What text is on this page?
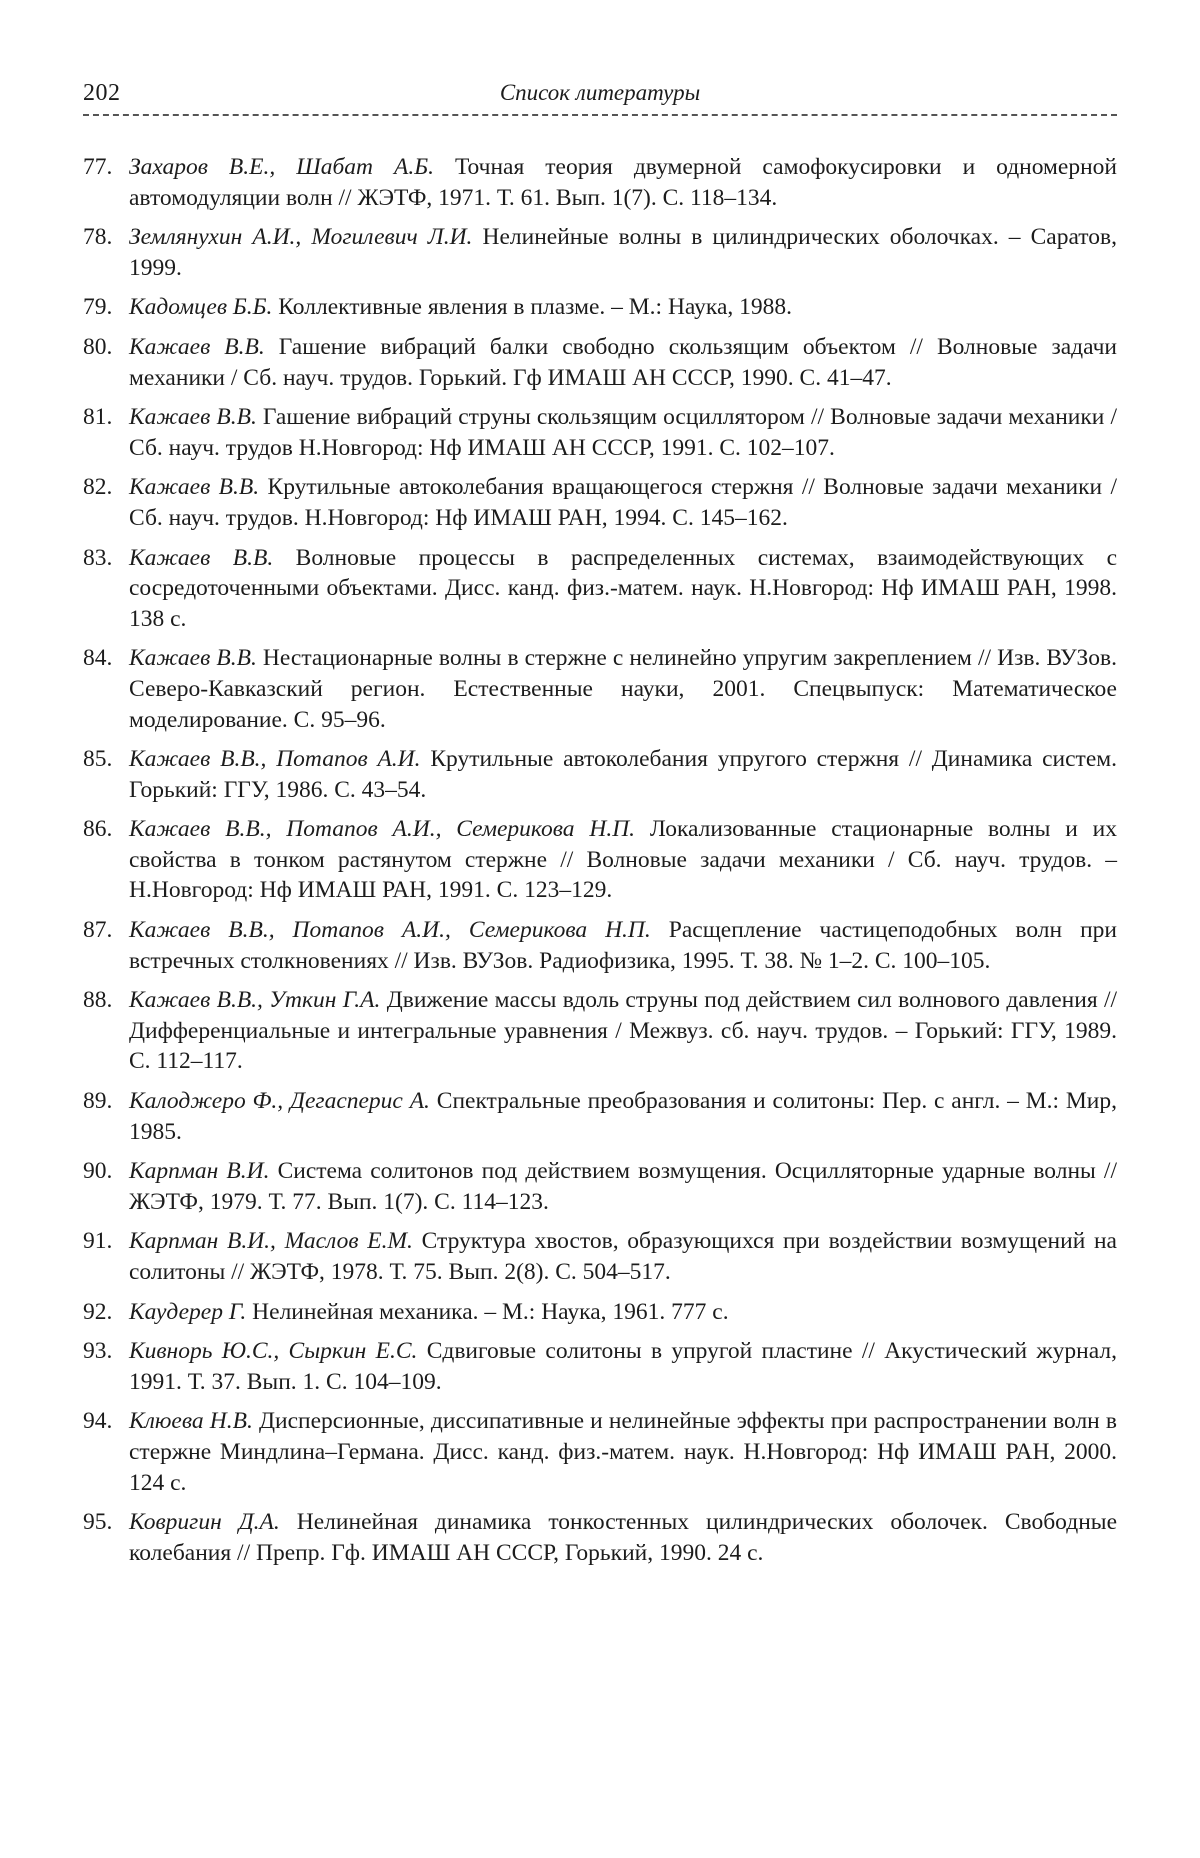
202	Список литературы
77. Захаров В.Е., Шабат А.Б. Точная теория двумерной самофокусировки и одномерной автомодуляции волн // ЖЭТФ, 1971. Т. 61. Вып. 1(7). С. 118–134.
78. Землянухин А.И., Могилевич Л.И. Нелинейные волны в цилиндрических оболочках. – Саратов, 1999.
79. Кадомцев Б.Б. Коллективные явления в плазме. – М.: Наука, 1988.
80. Кажаев В.В. Гашение вибраций балки свободно скользящим объектом // Волновые задачи механики / Сб. науч. трудов. Горький. Гф ИМАШ АН СССР, 1990. С. 41–47.
81. Кажаев В.В. Гашение вибраций струны скользящим осциллятором // Волновые задачи механики / Сб. науч. трудов Н.Новгород: Нф ИМАШ АН СССР, 1991. С. 102–107.
82. Кажаев В.В. Крутильные автоколебания вращающегося стержня // Волновые задачи механики / Сб. науч. трудов. Н.Новгород: Нф ИМАШ РАН, 1994. С. 145–162.
83. Кажаев В.В. Волновые процессы в распределенных системах, взаимодействующих с сосредоточенными объектами. Дисс. канд. физ.-матем. наук. Н.Новгород: Нф ИМАШ РАН, 1998. 138 с.
84. Кажаев В.В. Нестационарные волны в стержне с нелинейно упругим закреплением // Изв. ВУЗов. Северо-Кавказский регион. Естественные науки, 2001. Спецвыпуск: Математическое моделирование. С. 95–96.
85. Кажаев В.В., Потапов А.И. Крутильные автоколебания упругого стержня // Динамика систем. Горький: ГГУ, 1986. С. 43–54.
86. Кажаев В.В., Потапов А.И., Семерикова Н.П. Локализованные стационарные волны и их свойства в тонком растянутом стержне // Волновые задачи механики / Сб. науч. трудов. – Н.Новгород: Нф ИМАШ РАН, 1991. С. 123–129.
87. Кажаев В.В., Потапов А.И., Семерикова Н.П. Расщепление частицеподобных волн при встречных столкновениях // Изв. ВУЗов. Радиофизика, 1995. Т. 38. № 1–2. С. 100–105.
88. Кажаев В.В., Уткин Г.А. Движение массы вдоль струны под действием сил волнового давления // Дифференциальные и интегральные уравнения / Межвуз. сб. науч. трудов. – Горький: ГГУ, 1989. С. 112–117.
89. Калоджеро Ф., Дегасперис А. Спектральные преобразования и солитоны: Пер. с англ. – М.: Мир, 1985.
90. Карпман В.И. Система солитонов под действием возмущения. Осцилляторные ударные волны // ЖЭТФ, 1979. Т. 77. Вып. 1(7). С. 114–123.
91. Карпман В.И., Маслов Е.М. Структура хвостов, образующихся при воздействии возмущений на солитоны // ЖЭТФ, 1978. Т. 75. Вып. 2(8). С. 504–517.
92. Каудерер Г. Нелинейная механика. – М.: Наука, 1961. 777 с.
93. Кивнорь Ю.С., Сыркин Е.С. Сдвиговые солитоны в упругой пластине // Акустический журнал, 1991. Т. 37. Вып. 1. С. 104–109.
94. Клюева Н.В. Дисперсионные, диссипативные и нелинейные эффекты при распространении волн в стержне Миндлина–Германа. Дисс. канд. физ.-матем. наук. Н.Новгород: Нф ИМАШ РАН, 2000. 124 с.
95. Ковригин Д.А. Нелинейная динамика тонкостенных цилиндрических оболочек. Свободные колебания // Препр. Гф. ИМАШ АН СССР, Горький, 1990. 24 с.
